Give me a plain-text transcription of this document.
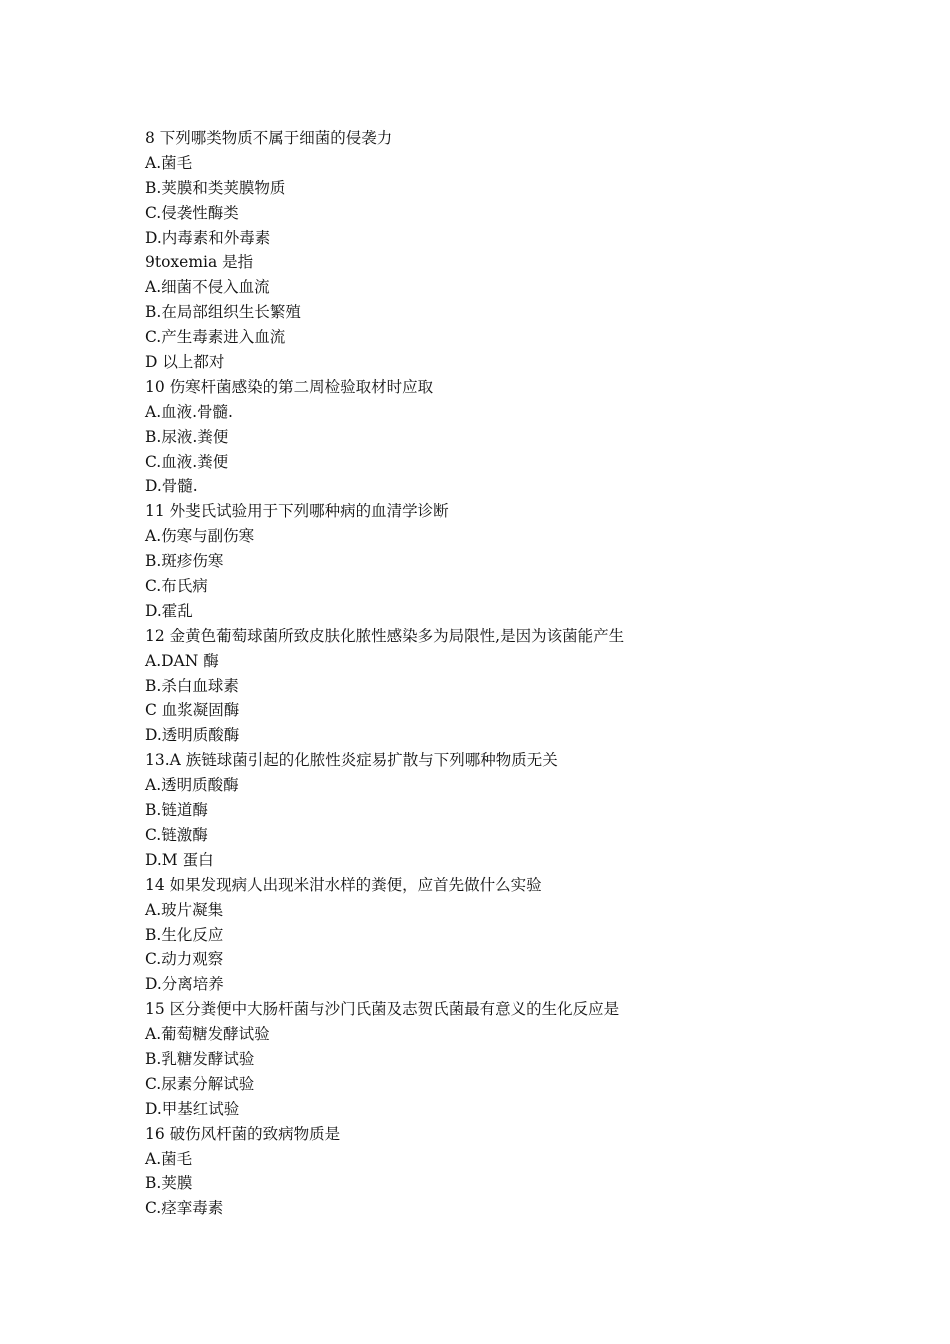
8 下列哪类物质不属于细菌的侵袭力
A.菌毛
B.荚膜和类荚膜物质
C.侵袭性酶类
D.内毒素和外毒素
9toxemia 是指
A.细菌不侵入血流
B.在局部组织生长繁殖
C.产生毒素进入血流
D 以上都对
10 伤寒杆菌感染的第二周检验取材时应取
A.血液.骨髓.
B.尿液.粪便
C.血液.粪便
D.骨髓.
11 外斐氏试验用于下列哪种病的血清学诊断
A.伤寒与副伤寒
B.斑疹伤寒
C.布氏病
D.霍乱
12 金黄色葡萄球菌所致皮肤化脓性感染多为局限性,是因为该菌能产生
A.DAN 酶
B.杀白血球素
C 血浆凝固酶
D.透明质酸酶
13.A 族链球菌引起的化脓性炎症易扩散与下列哪种物质无关
A.透明质酸酶
B.链道酶
C.链激酶
D.M 蛋白
14 如果发现病人出现米泔水样的粪便，应首先做什么实验
A.玻片凝集
B.生化反应
C.动力观察
D.分离培养
15 区分粪便中大肠杆菌与沙门氏菌及志贺氏菌最有意义的生化反应是
A.葡萄糖发酵试验
B.乳糖发酵试验
C.尿素分解试验
D.甲基红试验
16 破伤风杆菌的致病物质是
A.菌毛
B.荚膜
C.痉挛毒素
